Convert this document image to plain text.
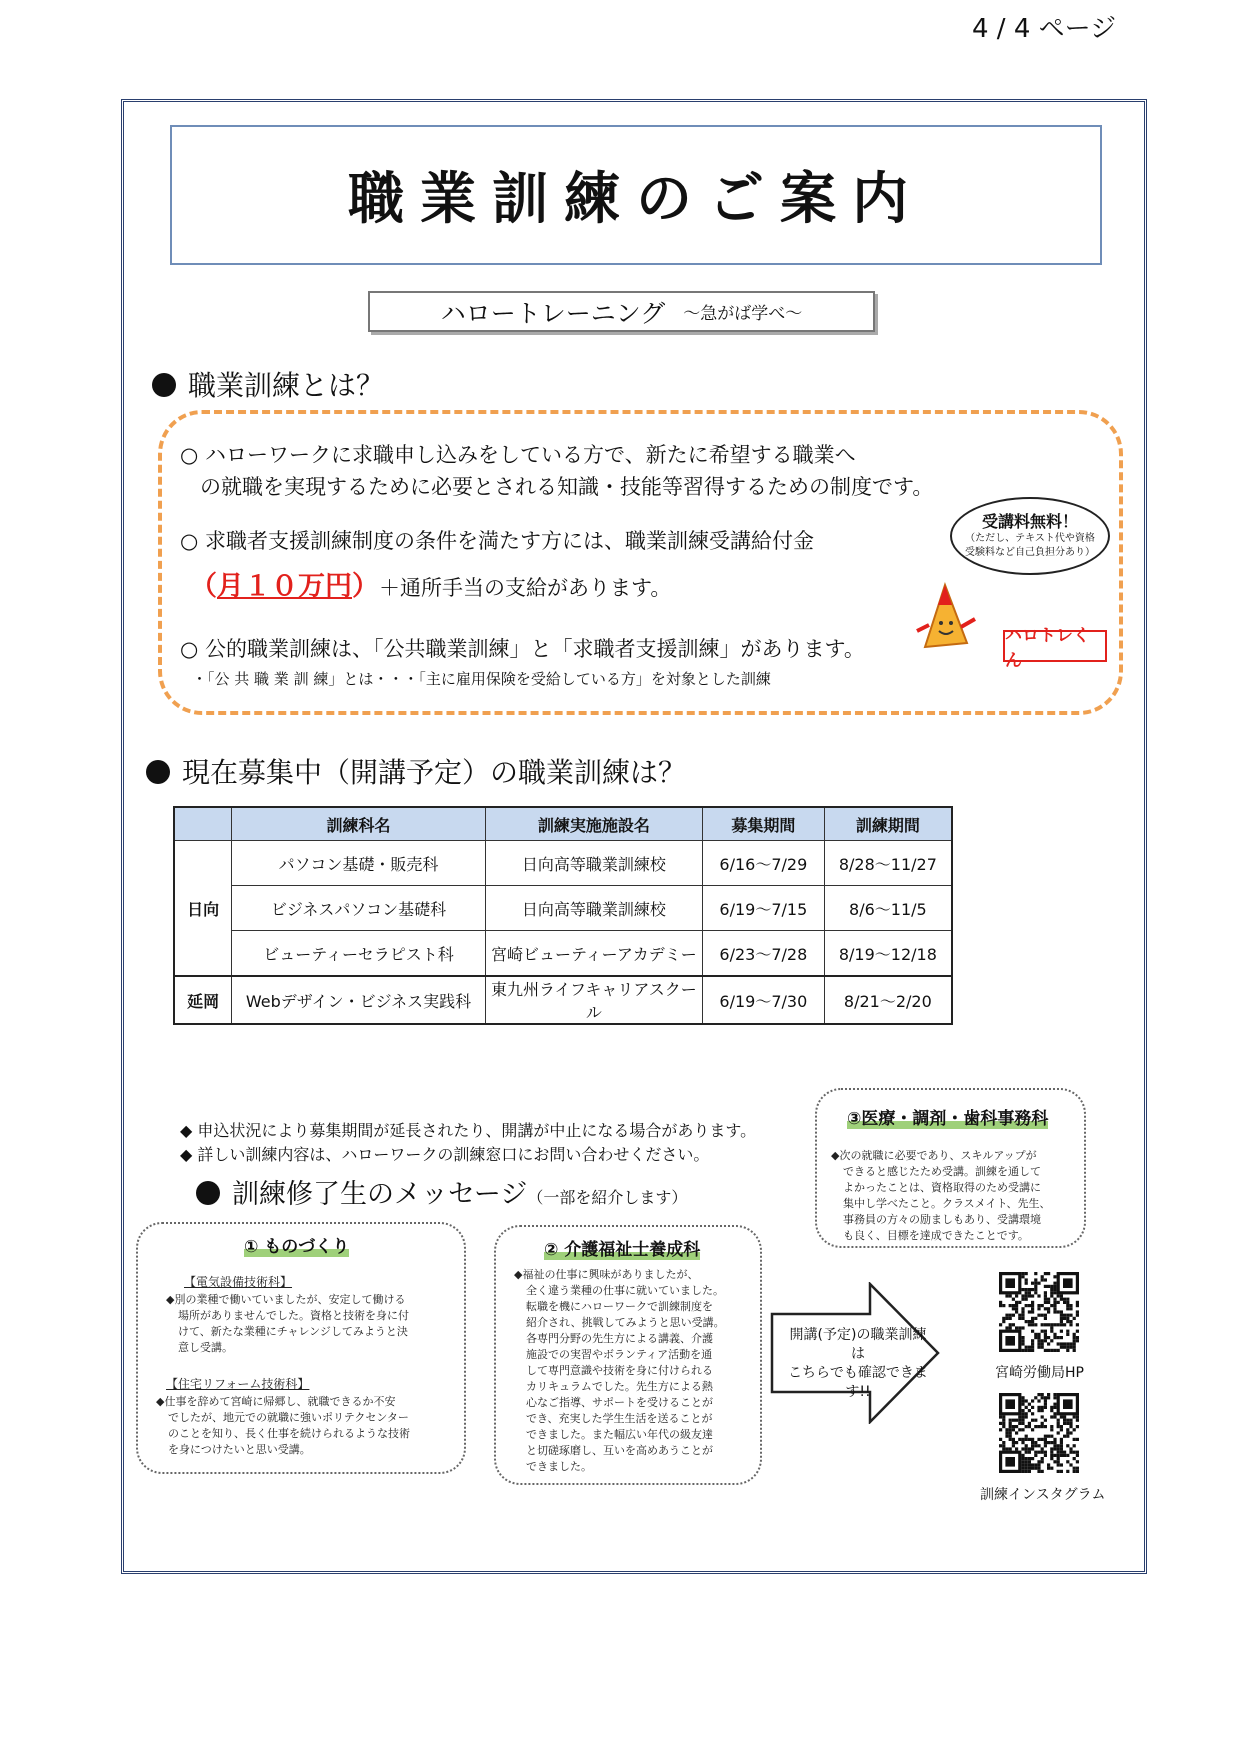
4 / 4 ページ
職業訓練のご案内
ハロートレーニング ～急がば学べ～
職業訓練とは？
○ ハローワークに求職申し込みをしている方で、新たに希望する職業へ
の就職を実現するために必要とされる知識・技能等習得するための制度です。
○ 求職者支援訓練制度の条件を満たす方には、職業訓練受講給付金
（月１０万円）＋通所手当の支給があります。
○ 公的職業訓練は、「公共職業訓練」と「求職者支援訓練」があります。
・「公 共 職 業 訓 練」とは・・・「主に雇用保険を受給している方」を対象とした訓練
受講料無料！
（ただし、テキスト代や資格
受験料など自己負担分あり）
ハロトレくん
現在募集中（開講予定）の職業訓練は？
	訓練科名	訓練実施施設名	募集期間	訓練期間
日向	パソコン基礎・販売科	日向高等職業訓練校	6/16～7/29	8/28～11/27
	ビジネスパソコン基礎科	日向高等職業訓練校	6/19～7/15	8/6～11/5
	ビューティーセラピスト科	宮崎ビューティーアカデミー	6/23～7/28	8/19～12/18
延岡	Webデザイン・ビジネス実践科	東九州ライフキャリアスクール	6/19～7/30	8/21～2/20
◆ 申込状況により募集期間が延長されたり、開講が中止になる場合があります。
◆ 詳しい訓練内容は、ハローワークの訓練窓口にお問い合わせください。
訓練修了生のメッセージ（一部を紹介します）
① ものづくり
【電気設備技術科】
◆別の業種で働いていましたが、安定して働ける
場所がありませんでした。資格と技術を身に付
けて、新たな業種にチャレンジしてみようと決
意し受講。
【住宅リフォーム技術科】
◆仕事を辞めて宮崎に帰郷し、就職できるか不安
でしたが、地元での就職に強いポリテクセンター
のことを知り、長く仕事を続けられるような技術
を身につけたいと思い受講。
② 介護福祉士養成科
◆福祉の仕事に興味がありましたが、
全く違う業種の仕事に就いていました。
転職を機にハローワークで訓練制度を
紹介され、挑戦してみようと思い受講。
各専門分野の先生方による講義、介護
施設での実習やボランティア活動を通
して専門意識や技術を身に付けられる
カリキュラムでした。先生方による熱
心なご指導、サポートを受けることが
でき、充実した学生生活を送ることが
できました。また幅広い年代の級友達
と切磋琢磨し、互いを高めあうことが
できました。
③医療・調剤・歯科事務科
◆次の就職に必要であり、スキルアップが
できると感じたため受講。訓練を通して
よかったことは、資格取得のため受講に
集中し学べたこと。クラスメイト、先生、
事務員の方々の励ましもあり、受講環境
も良く、目標を達成できたことです。
開講(予定)の職業訓練は
こちらでも確認できます!!
宮崎労働局HP
訓練インスタグラム
